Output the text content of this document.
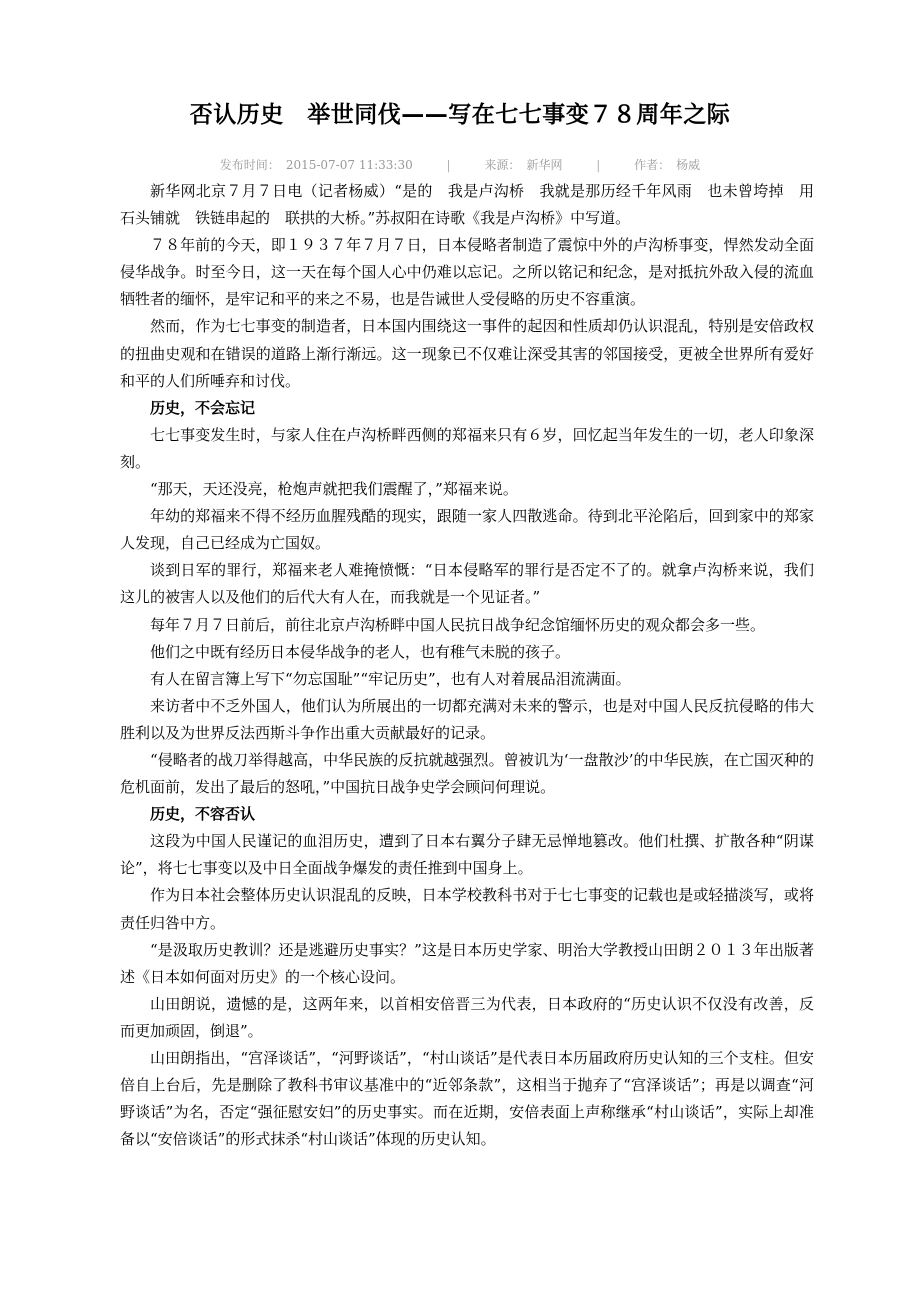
否认历史　举世同伐——写在七七事变７８周年之际
发布时间： 2015-07-07 11:33:30	|	来源： 新华网	|	作者： 杨威

新华网北京７月７日电（记者杨威）“是的　我是卢沟桥　我就是那历经千年风雨　也未曾垮掉　用石头铺就　铁链串起的　联拱的大桥。”苏叔阳在诗歌《我是卢沟桥》中写道。

７８年前的今天，即１９３７年７月７日，日本侵略者制造了震惊中外的卢沟桥事变，悍然发动全面侵华战争。时至今日，这一天在每个国人心中仍难以忘记。之所以铭记和纪念，是对抵抗外敌入侵的流血牺牲者的缅怀，是牢记和平的来之不易，也是告诫世人受侵略的历史不容重演。

然而，作为七七事变的制造者，日本国内围绕这一事件的起因和性质却仍认识混乱，特别是安倍政权的扭曲史观和在错误的道路上渐行渐远。这一现象已不仅难让深受其害的邻国接受，更被全世界所有爱好和平的人们所唾弃和讨伐。

历史，不会忘记

七七事变发生时，与家人住在卢沟桥畔西侧的郑福来只有６岁，回忆起当年发生的一切，老人印象深刻。

“那天，天还没亮，枪炮声就把我们震醒了，”郑福来说。

年幼的郑福来不得不经历血腥残酷的现实，跟随一家人四散逃命。待到北平沦陷后，回到家中的郑家人发现，自己已经成为亡国奴。

谈到日军的罪行，郑福来老人难掩愤慨：“日本侵略军的罪行是否定不了的。就拿卢沟桥来说，我们这儿的被害人以及他们的后代大有人在，而我就是一个见证者。”

每年７月７日前后，前往北京卢沟桥畔中国人民抗日战争纪念馆缅怀历史的观众都会多一些。

他们之中既有经历日本侵华战争的老人，也有稚气未脱的孩子。

有人在留言簿上写下“勿忘国耻”“牢记历史”，也有人对着展品泪流满面。

来访者中不乏外国人，他们认为所展出的一切都充满对未来的警示，也是对中国人民反抗侵略的伟大胜利以及为世界反法西斯斗争作出重大贡献最好的记录。

“侵略者的战刀举得越高，中华民族的反抗就越强烈。曾被讥为‘一盘散沙’的中华民族，在亡国灭种的危机面前，发出了最后的怒吼，”中国抗日战争史学会顾问何理说。

历史，不容否认

这段为中国人民谨记的血泪历史，遭到了日本右翼分子肆无忌惮地篡改。他们杜撰、扩散各种“阴谋论”，将七七事变以及中日全面战争爆发的责任推到中国身上。

作为日本社会整体历史认识混乱的反映，日本学校教科书对于七七事变的记载也是或轻描淡写，或将责任归咎中方。

“是汲取历史教训？还是逃避历史事实？”这是日本历史学家、明治大学教授山田朗２０１３年出版著述《日本如何面对历史》的一个核心设问。

山田朗说，遗憾的是，这两年来，以首相安倍晋三为代表，日本政府的“历史认识不仅没有改善，反而更加顽固，倒退”。

山田朗指出，“宫泽谈话”，“河野谈话”，“村山谈话”是代表日本历届政府历史认知的三个支柱。但安倍自上台后，先是删除了教科书审议基准中的“近邻条款”，这相当于抛弃了“宫泽谈话”；再是以调查“河野谈话”为名，否定“强征慰安妇”的历史事实。而在近期，安倍表面上声称继承“村山谈话”，实际上却准备以“安倍谈话”的形式抹杀“村山谈话”体现的历史认知。
